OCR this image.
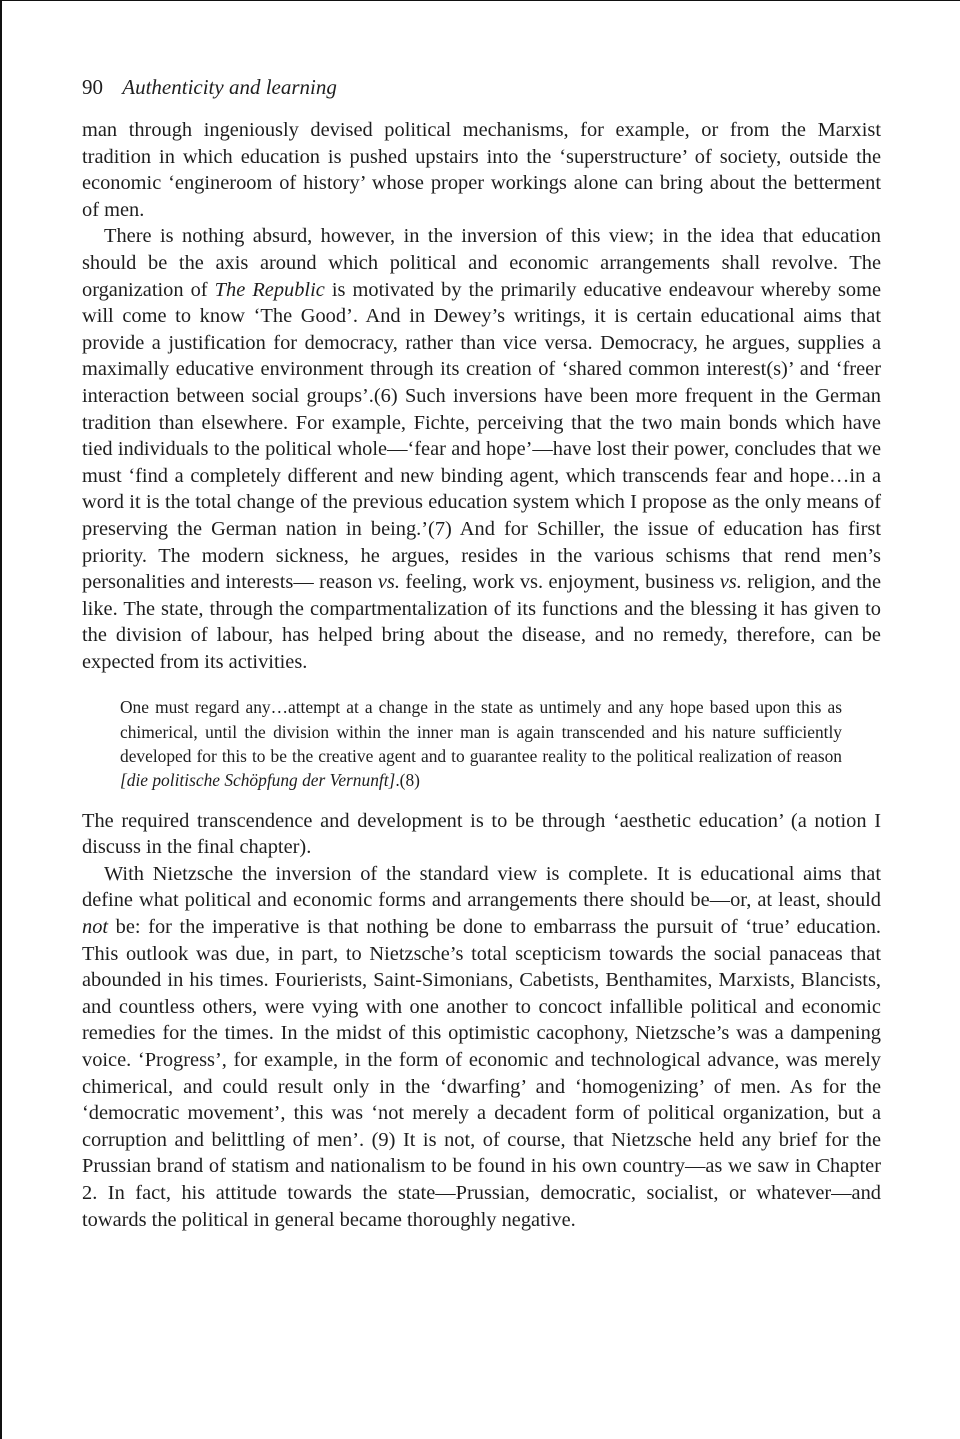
90 Authenticity and learning

man through ingeniously devised political mechanisms, for example, or from the Marxist tradition in which education is pushed upstairs into the ‘superstructure’ of society, outside the economic ‘engineroom of history’ whose proper workings alone can bring about the betterment of men.

There is nothing absurd, however, in the inversion of this view; in the idea that education should be the axis around which political and economic arrangements shall revolve. The organization of The Republic is motivated by the primarily educative endeavour whereby some will come to know ‘The Good’. And in Dewey’s writings, it is certain educational aims that provide a justification for democracy, rather than vice versa. Democracy, he argues, supplies a maximally educative environment through its creation of ‘shared common interest(s)’ and ‘freer interaction between social groups’.(6) Such inversions have been more frequent in the German tradition than elsewhere. For example, Fichte, perceiving that the two main bonds which have tied individuals to the political whole—‘fear and hope’—have lost their power, concludes that we must ‘find a completely different and new binding agent, which transcends fear and hope…in a word it is the total change of the previous education system which I propose as the only means of preserving the German nation in being.’(7) And for Schiller, the issue of education has first priority. The modern sickness, he argues, resides in the various schisms that rend men’s personalities and interests— reason vs. feeling, work vs. enjoyment, business vs. religion, and the like. The state, through the compartmentalization of its functions and the blessing it has given to the division of labour, has helped bring about the disease, and no remedy, therefore, can be expected from its activities.

One must regard any…attempt at a change in the state as untimely and any hope based upon this as chimerical, until the division within the inner man is again transcended and his nature sufficiently developed for this to be the creative agent and to guarantee reality to the political realization of reason [die politische Schöpfung der Vernunft].(8)

The required transcendence and development is to be through ‘aesthetic education’ (a notion I discuss in the final chapter).

With Nietzsche the inversion of the standard view is complete. It is educational aims that define what political and economic forms and arrangements there should be—or, at least, should not be: for the imperative is that nothing be done to embarrass the pursuit of ‘true’ education. This outlook was due, in part, to Nietzsche’s total scepticism towards the social panaceas that abounded in his times. Fourierists, Saint-Simonians, Cabetists, Benthamites, Marxists, Blancists, and countless others, were vying with one another to concoct infallible political and economic remedies for the times. In the midst of this optimistic cacophony, Nietzsche’s was a dampening voice. ‘Progress’, for example, in the form of economic and technological advance, was merely chimerical, and could result only in the ‘dwarfing’ and ‘homogenizing’ of men. As for the ‘democratic movement’, this was ‘not merely a decadent form of political organization, but a corruption and belittling of men’. (9) It is not, of course, that Nietzsche held any brief for the Prussian brand of statism and nationalism to be found in his own country—as we saw in Chapter 2. In fact, his attitude towards the state—Prussian, democratic, socialist, or whatever—and towards the political in general became thoroughly negative.
